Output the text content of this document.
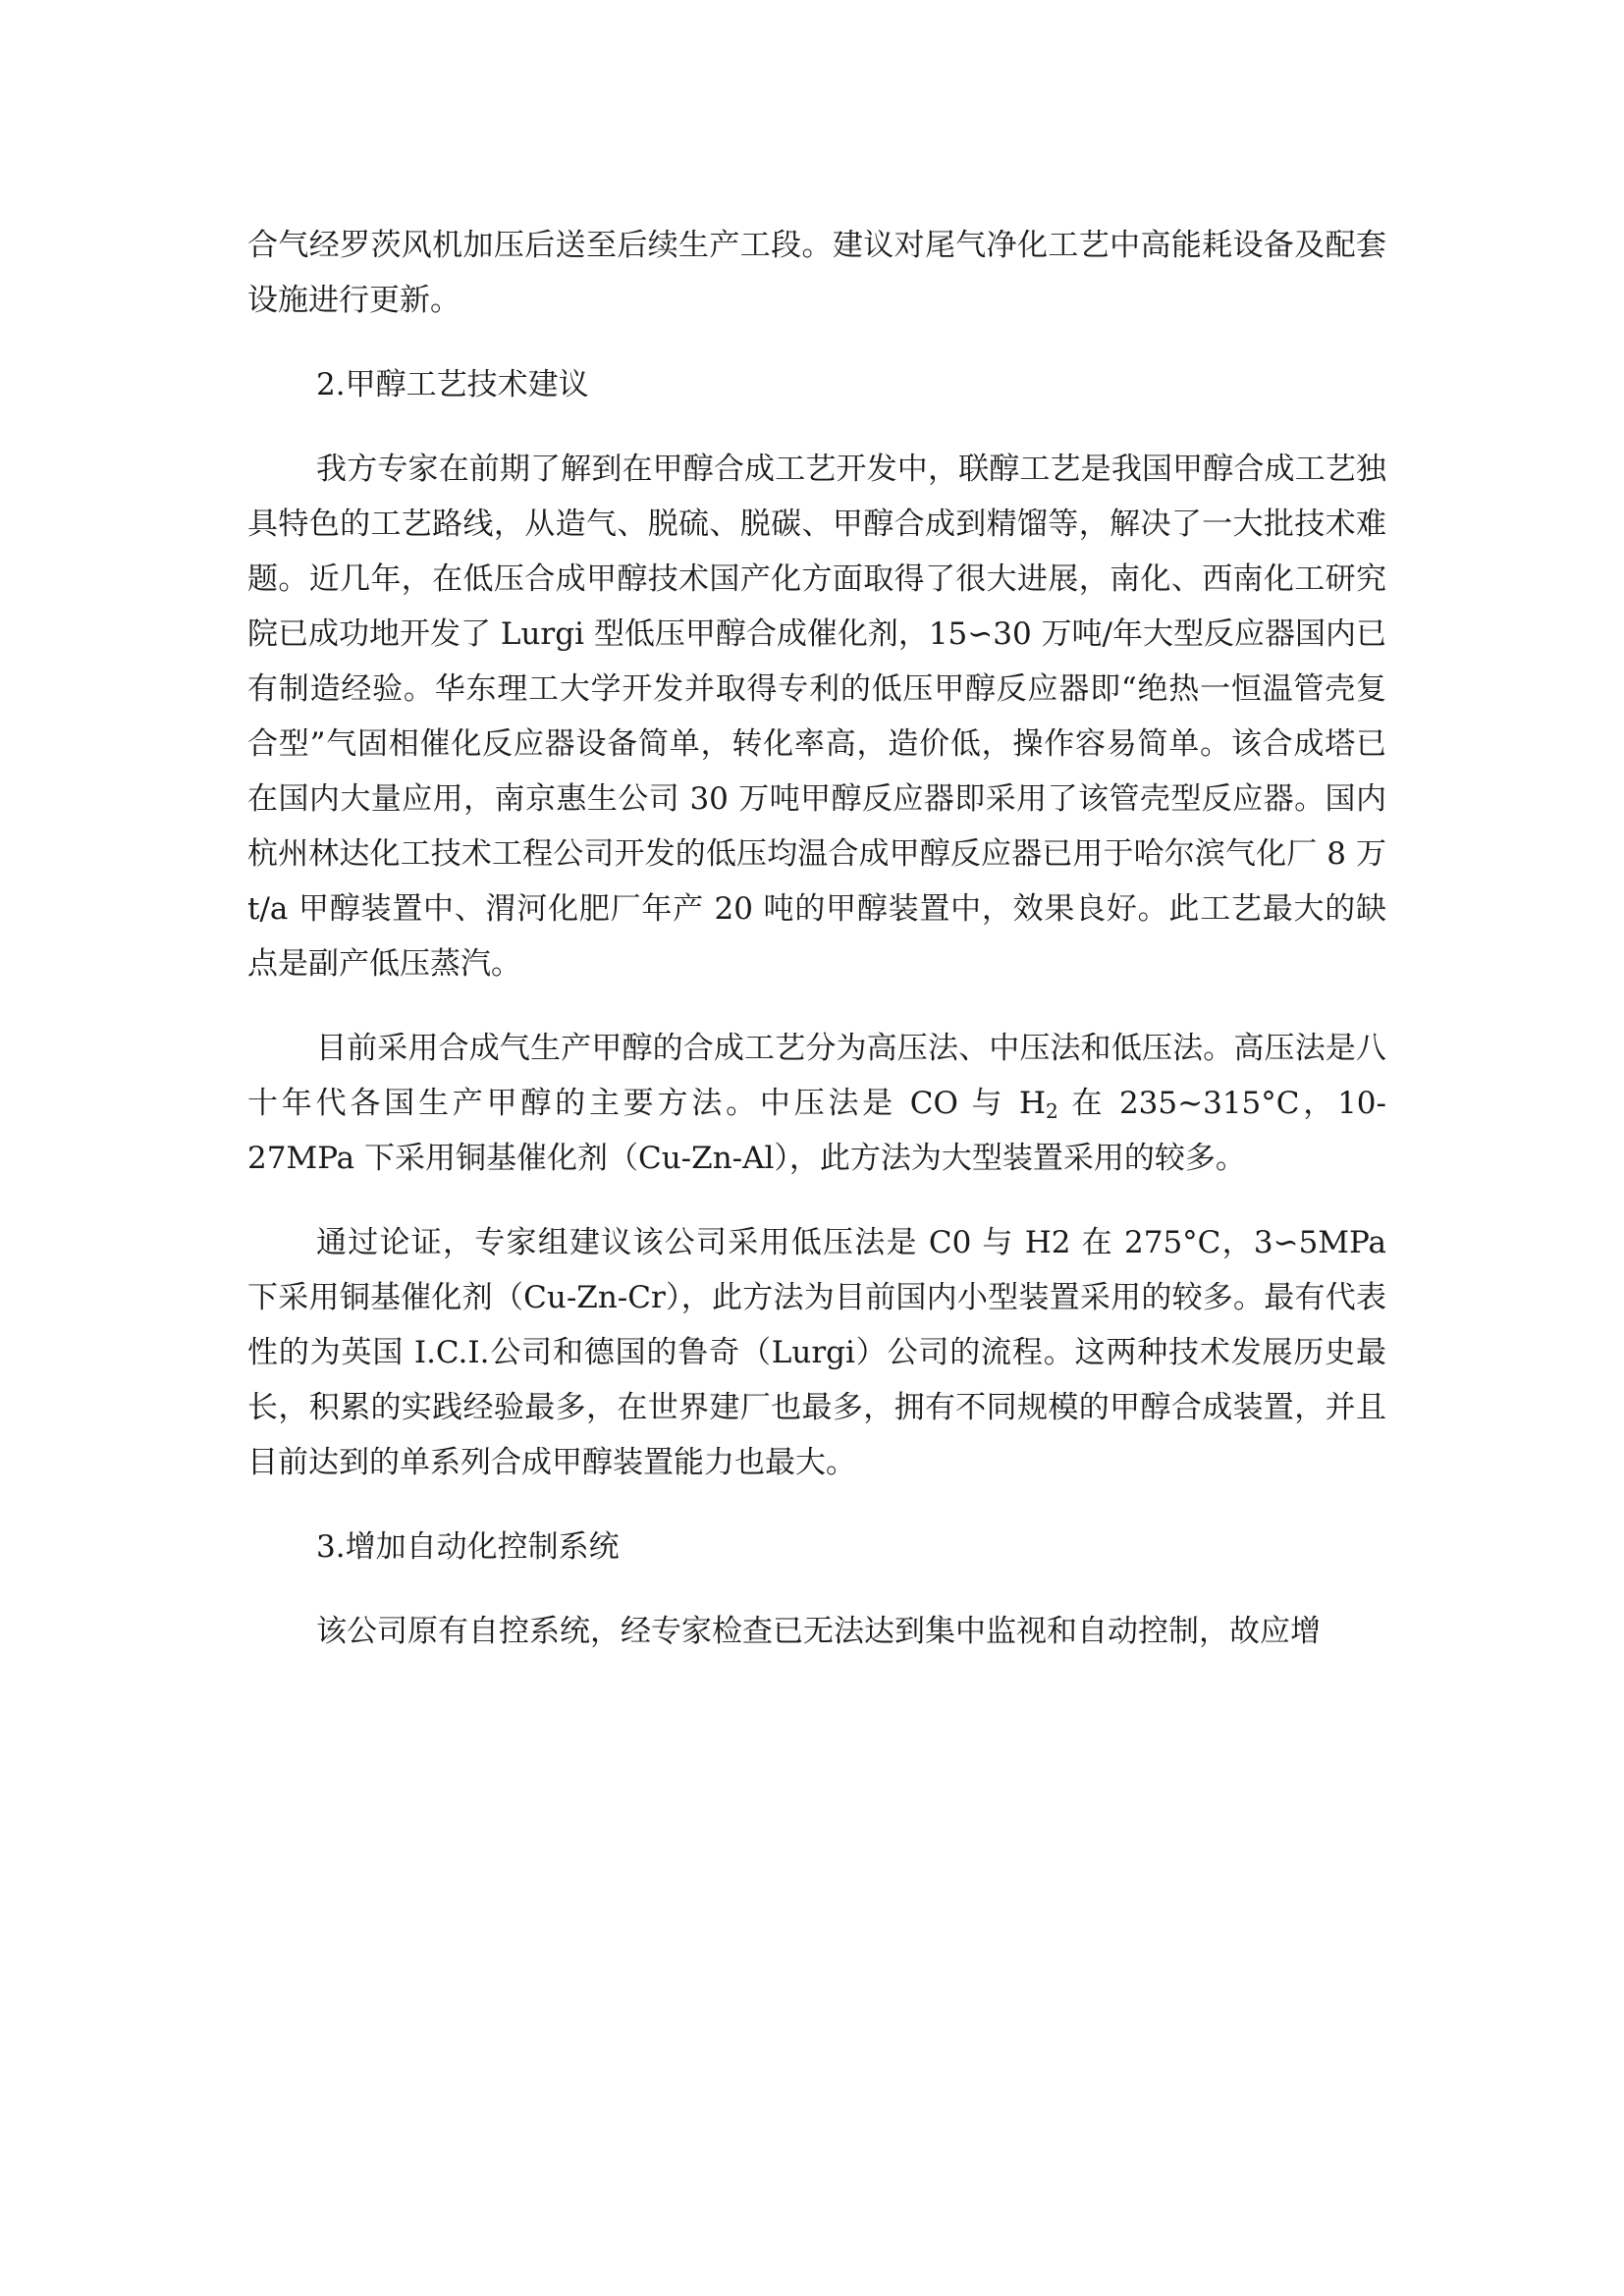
合气经罗茨风机加压后送至后续生产工段。建议对尾气净化工艺中高能耗设备及配套设施进行更新。

2.甲醇工艺技术建议

我方专家在前期了解到在甲醇合成工艺开发中，联醇工艺是我国甲醇合成工艺独具特色的工艺路线，从造气、脱硫、脱碳、甲醇合成到精馏等，解决了一大批技术难题。近几年，在低压合成甲醇技术国产化方面取得了很大进展，南化、西南化工研究院已成功地开发了 Lurgi 型低压甲醇合成催化剂，15∽30 万吨/年大型反应器国内已有制造经验。华东理工大学开发并取得专利的低压甲醇反应器即“绝热一恒温管壳复合型”气固相催化反应器设备简单，转化率高，造价低，操作容易简单。该合成塔已在国内大量应用，南京惠生公司 30 万吨甲醇反应器即采用了该管壳型反应器。国内杭州林达化工技术工程公司开发的低压均温合成甲醇反应器已用于哈尔滨气化厂 8 万 t/a 甲醇装置中、渭河化肥厂年产 20 吨的甲醇装置中，效果良好。此工艺最大的缺点是副产低压蒸汽。

目前采用合成气生产甲醇的合成工艺分为高压法、中压法和低压法。高压法是八十年代各国生产甲醇的主要方法。中压法是 CO 与 $H_2$ 在 235~315°C，10-27MPa 下采用铜基催化剂（Cu-Zn-Al），此方法为大型装置采用的较多。

通过论证，专家组建议该公司采用低压法是 C0 与 H2 在 275°C，3∽5MPa 下采用铜基催化剂（Cu-Zn-Cr），此方法为目前国内小型装置采用的较多。最有代表性的为英国 I.C.I.公司和德国的鲁奇（Lurgi）公司的流程。这两种技术发展历史最长，积累的实践经验最多，在世界建厂也最多，拥有不同规模的甲醇合成装置，并且目前达到的单系列合成甲醇装置能力也最大。

3.增加自动化控制系统

该公司原有自控系统，经专家检查已无法达到集中监视和自动控制，故应增
